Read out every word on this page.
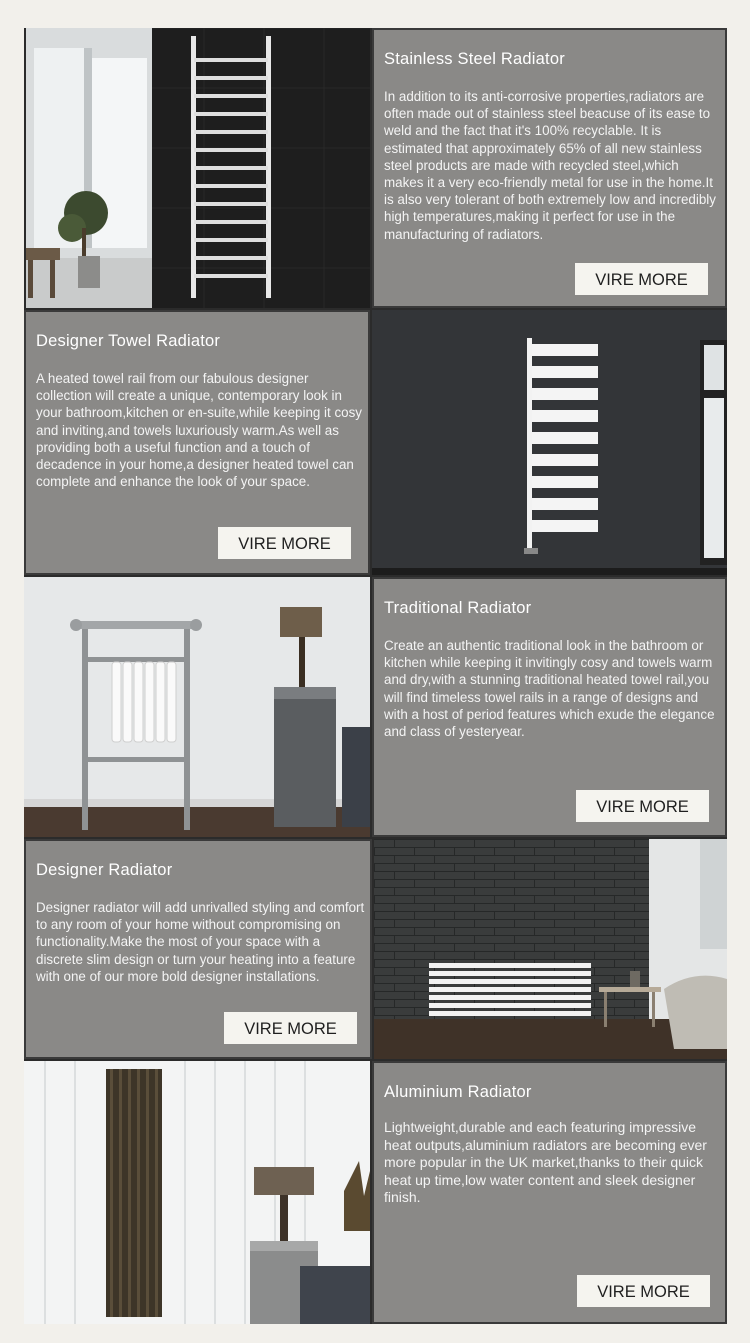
Stainless Steel Radiator

In addition to its anti-corrosive properties,radiators are often made out of stainless steel beacuse of its ease to weld and the fact that it's 100% recyclable. It is estimated that approximately 65% of all new stainless steel products are made with recycled steel,which makes it a very eco-friendly metal for use in the home.It is also very tolerant of both extremely low and incredibly high temperatures,making it perfect for use in the manufacturing of radiators.

VIRE MORE
Designer Towel Radiator

A heated towel rail from our fabulous designer collection will create a unique, contemporary look in your bathroom,kitchen or en-suite,while keeping it cosy and inviting,and towels luxuriously warm.As well as providing both a useful function and a touch of decadence in your home,a designer heated towel can complete and enhance the look of your space.

VIRE MORE
Traditional Radiator

Create an authentic traditional look in the bathroom or kitchen while keeping it invitingly cosy and towels warm and dry,with a stunning traditional heated towel rail,you will find timeless towel rails in a range of designs and with a host of period features which exude the elegance and class of yesteryear.

VIRE MORE
Designer Radiator

Designer radiator will add unrivalled styling and comfort to any room of your home without compromising on functionality.Make the most of your space with a discrete slim design or turn your heating into a feature with one of our more bold designer installations.

VIRE MORE
Aluminium Radiator

Lightweight,durable and each featuring impressive heat outputs,aluminium radiators are becoming ever more popular in the UK market,thanks to their quick heat up time,low water content and sleek designer finish.

VIRE MORE
